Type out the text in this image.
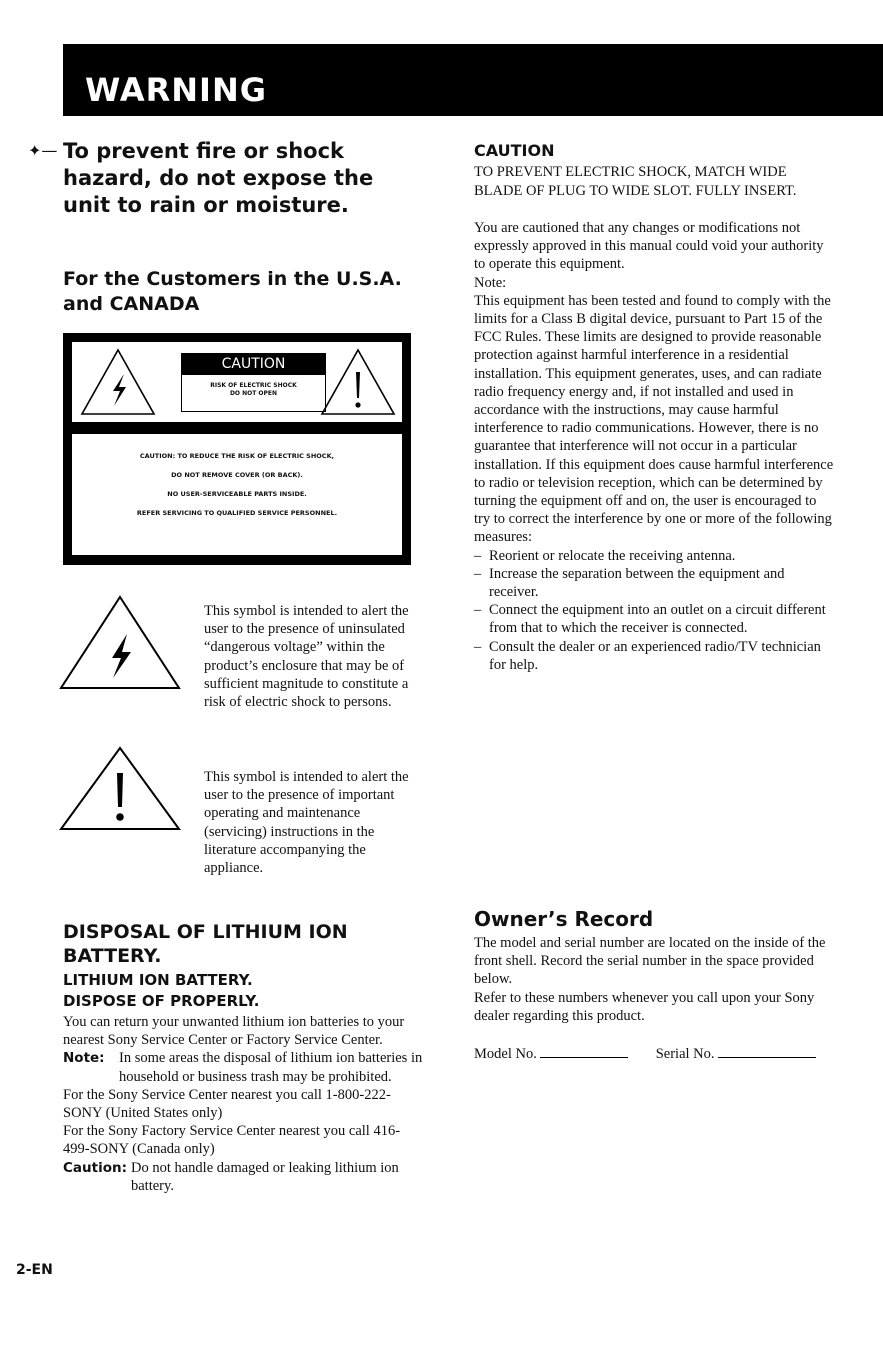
WARNING
✦— To prevent fire or shock hazard, do not expose the unit to rain or moisture.
For the Customers in the U.S.A. and CANADA
CAUTION
RISK OF ELECTRIC SHOCK
DO NOT OPEN
CAUTION: TO REDUCE THE RISK OF ELECTRIC SHOCK,
DO NOT REMOVE COVER (OR BACK).
NO USER-SERVICEABLE PARTS INSIDE.
REFER SERVICING TO QUALIFIED SERVICE PERSONNEL.

This symbol is intended to alert the user to the presence of uninsulated “dangerous voltage” within the product’s enclosure that may be of sufficient magnitude to constitute a risk of electric shock to persons.

This symbol is intended to alert the user to the presence of important operating and maintenance (servicing) instructions in the literature accompanying the appliance.

DISPOSAL OF LITHIUM ION BATTERY.
LITHIUM ION BATTERY.
DISPOSE OF PROPERLY.

You can return your unwanted lithium ion batteries to your nearest Sony Service Center or Factory Service Center.

Note: In some areas the disposal of lithium ion batteries in household or business trash may be prohibited.

For the Sony Service Center nearest you call 1-800-222-SONY (United States only)

For the Sony Factory Service Center nearest you call 416-499-SONY (Canada only)

Caution: Do not handle damaged or leaking lithium ion battery.
2-EN
CAUTION
TO PREVENT ELECTRIC SHOCK, MATCH WIDE BLADE OF PLUG TO WIDE SLOT. FULLY INSERT.

You are cautioned that any changes or modifications not expressly approved in this manual could void your authority to operate this equipment.

Note:

This equipment has been tested and found to comply with the limits for a Class B digital device, pursuant to Part 15 of the FCC Rules. These limits are designed to provide reasonable protection against harmful interference in a residential installation. This equipment generates, uses, and can radiate radio frequency energy and, if not installed and used in accordance with the instructions, may cause harmful interference to radio communications. However, there is no guarantee that interference will not occur in a particular installation. If this equipment does cause harmful interference to radio or television reception, which can be determined by turning the equipment off and on, the user is encouraged to try to correct the interference by one or more of the following measures:

– Reorient or relocate the receiving antenna.
– Increase the separation between the equipment and receiver.
– Connect the equipment into an outlet on a circuit different from that to which the receiver is connected.
– Consult the dealer or an experienced radio/TV technician for help.
Owner’s Record

The model and serial number are located on the inside of the front shell. Record the serial number in the space provided below.

Refer to these numbers whenever you call upon your Sony dealer regarding this product.

Model No.	Serial No.
